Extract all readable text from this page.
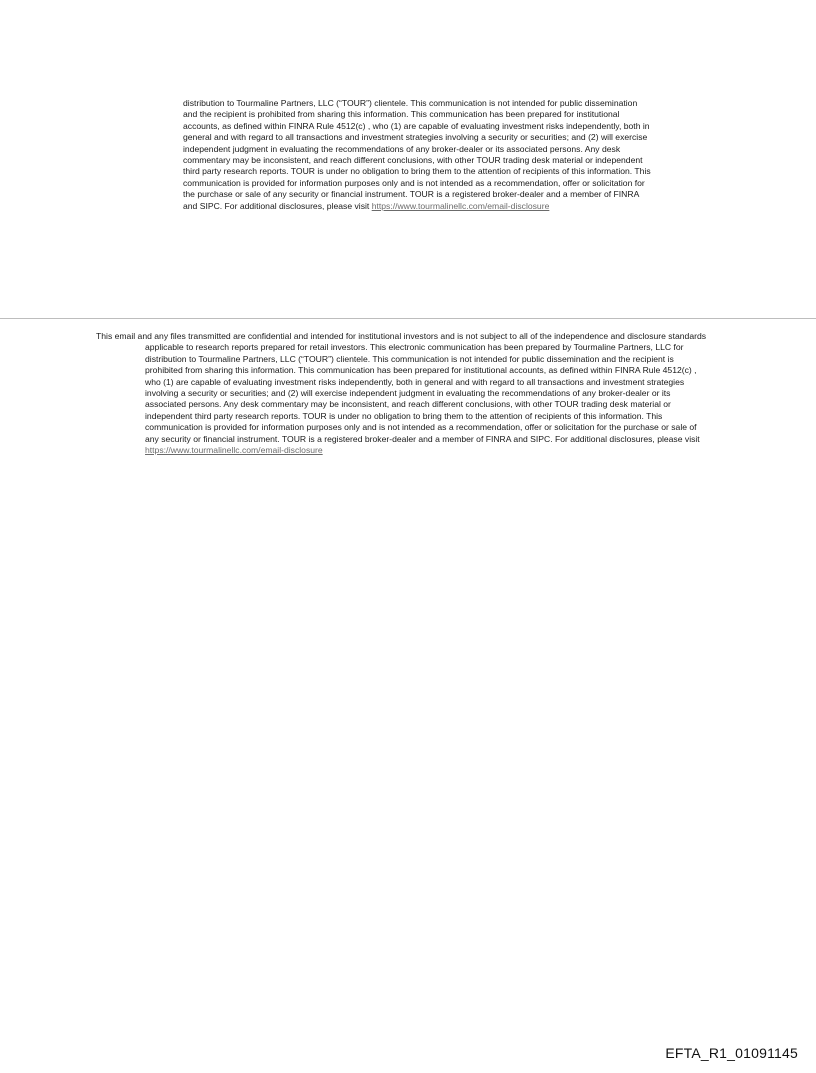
distribution to Tourmaline Partners, LLC (“TOUR”) clientele. This communication is not intended for public dissemination and the recipient is prohibited from sharing this information. This communication has been prepared for institutional accounts, as defined within FINRA Rule 4512(c) , who (1) are capable of evaluating investment risks independently, both in general and with regard to all transactions and investment strategies involving a security or securities; and (2) will exercise independent judgment in evaluating the recommendations of any broker-dealer or its associated persons. Any desk commentary may be inconsistent, and reach different conclusions, with other TOUR trading desk material or independent third party research reports. TOUR is under no obligation to bring them to the attention of recipients of this information. This communication is provided for information purposes only and is not intended as a recommendation, offer or solicitation for the purchase or sale of any security or financial instrument. TOUR is a registered broker-dealer and a member of FINRA and SIPC. For additional disclosures, please visit https://www.tourmalinellc.com/email-disclosure

This email and any files transmitted are confidential and intended for institutional investors and is not subject to all of the independence and disclosure standards applicable to research reports prepared for retail investors. This electronic communication has been prepared by Tourmaline Partners, LLC for distribution to Tourmaline Partners, LLC (“TOUR”) clientele. This communication is not intended for public dissemination and the recipient is prohibited from sharing this information. This communication has been prepared for institutional accounts, as defined within FINRA Rule 4512(c) , who (1) are capable of evaluating investment risks independently, both in general and with regard to all transactions and investment strategies involving a security or securities; and (2) will exercise independent judgment in evaluating the recommendations of any broker-dealer or its associated persons. Any desk commentary may be inconsistent, and reach different conclusions, with other TOUR trading desk material or independent third party research reports. TOUR is under no obligation to bring them to the attention of recipients of this information. This communication is provided for information purposes only and is not intended as a recommendation, offer or solicitation for the purchase or sale of any security or financial instrument. TOUR is a registered broker-dealer and a member of FINRA and SIPC. For additional disclosures, please visit https://www.tourmalinellc.com/email-disclosure

EFTA_R1_01091145
